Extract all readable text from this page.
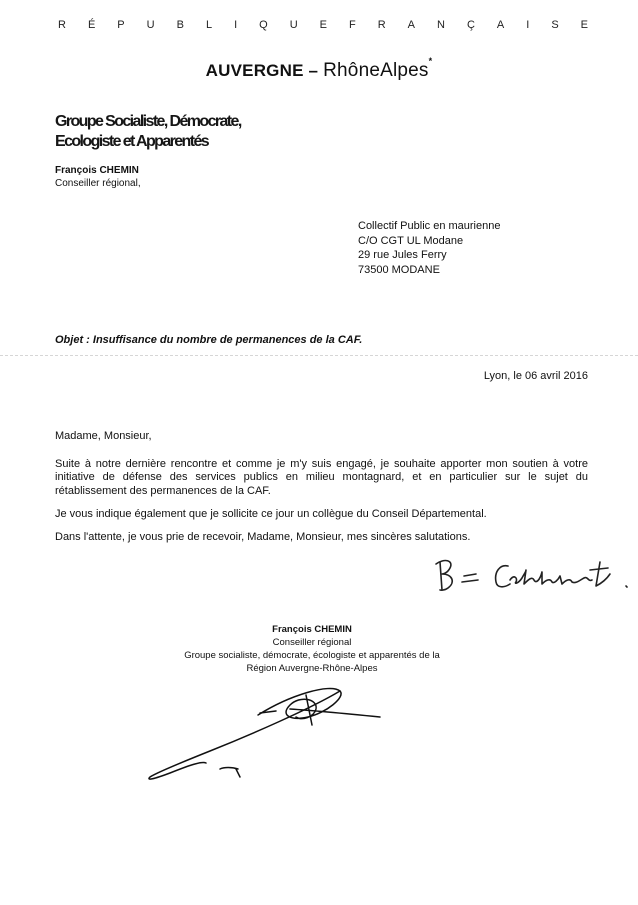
R É P U B L I Q U E F R A N Ç A I S E
AUVERGNE – RhôneAlpes*
Groupe Socialiste, Démocrate,
Ecologiste et Apparentés
François CHEMIN
Conseiller régional,
Collectif Public en maurienne
C/O CGT UL Modane
29 rue Jules Ferry
73500 MODANE
Objet : Insuffisance du nombre de permanences de la CAF.
Lyon, le 06 avril 2016

Madame, Monsieur,

Suite à notre dernière rencontre et comme je m'y suis engagé, je souhaite apporter mon soutien à votre initiative de défense des services publics en milieu montagnard, et en particulier sur le sujet du rétablissement des permanences de la CAF.

Je vous indique également que je sollicite ce jour un collègue du Conseil Départemental.

Dans l'attente, je vous prie de recevoir, Madame, Monsieur, mes sincères salutations.

François CHEMIN
Conseiller régional
Groupe socialiste, démocrate, écologiste et apparentés de la
Région Auvergne-Rhône-Alpes
